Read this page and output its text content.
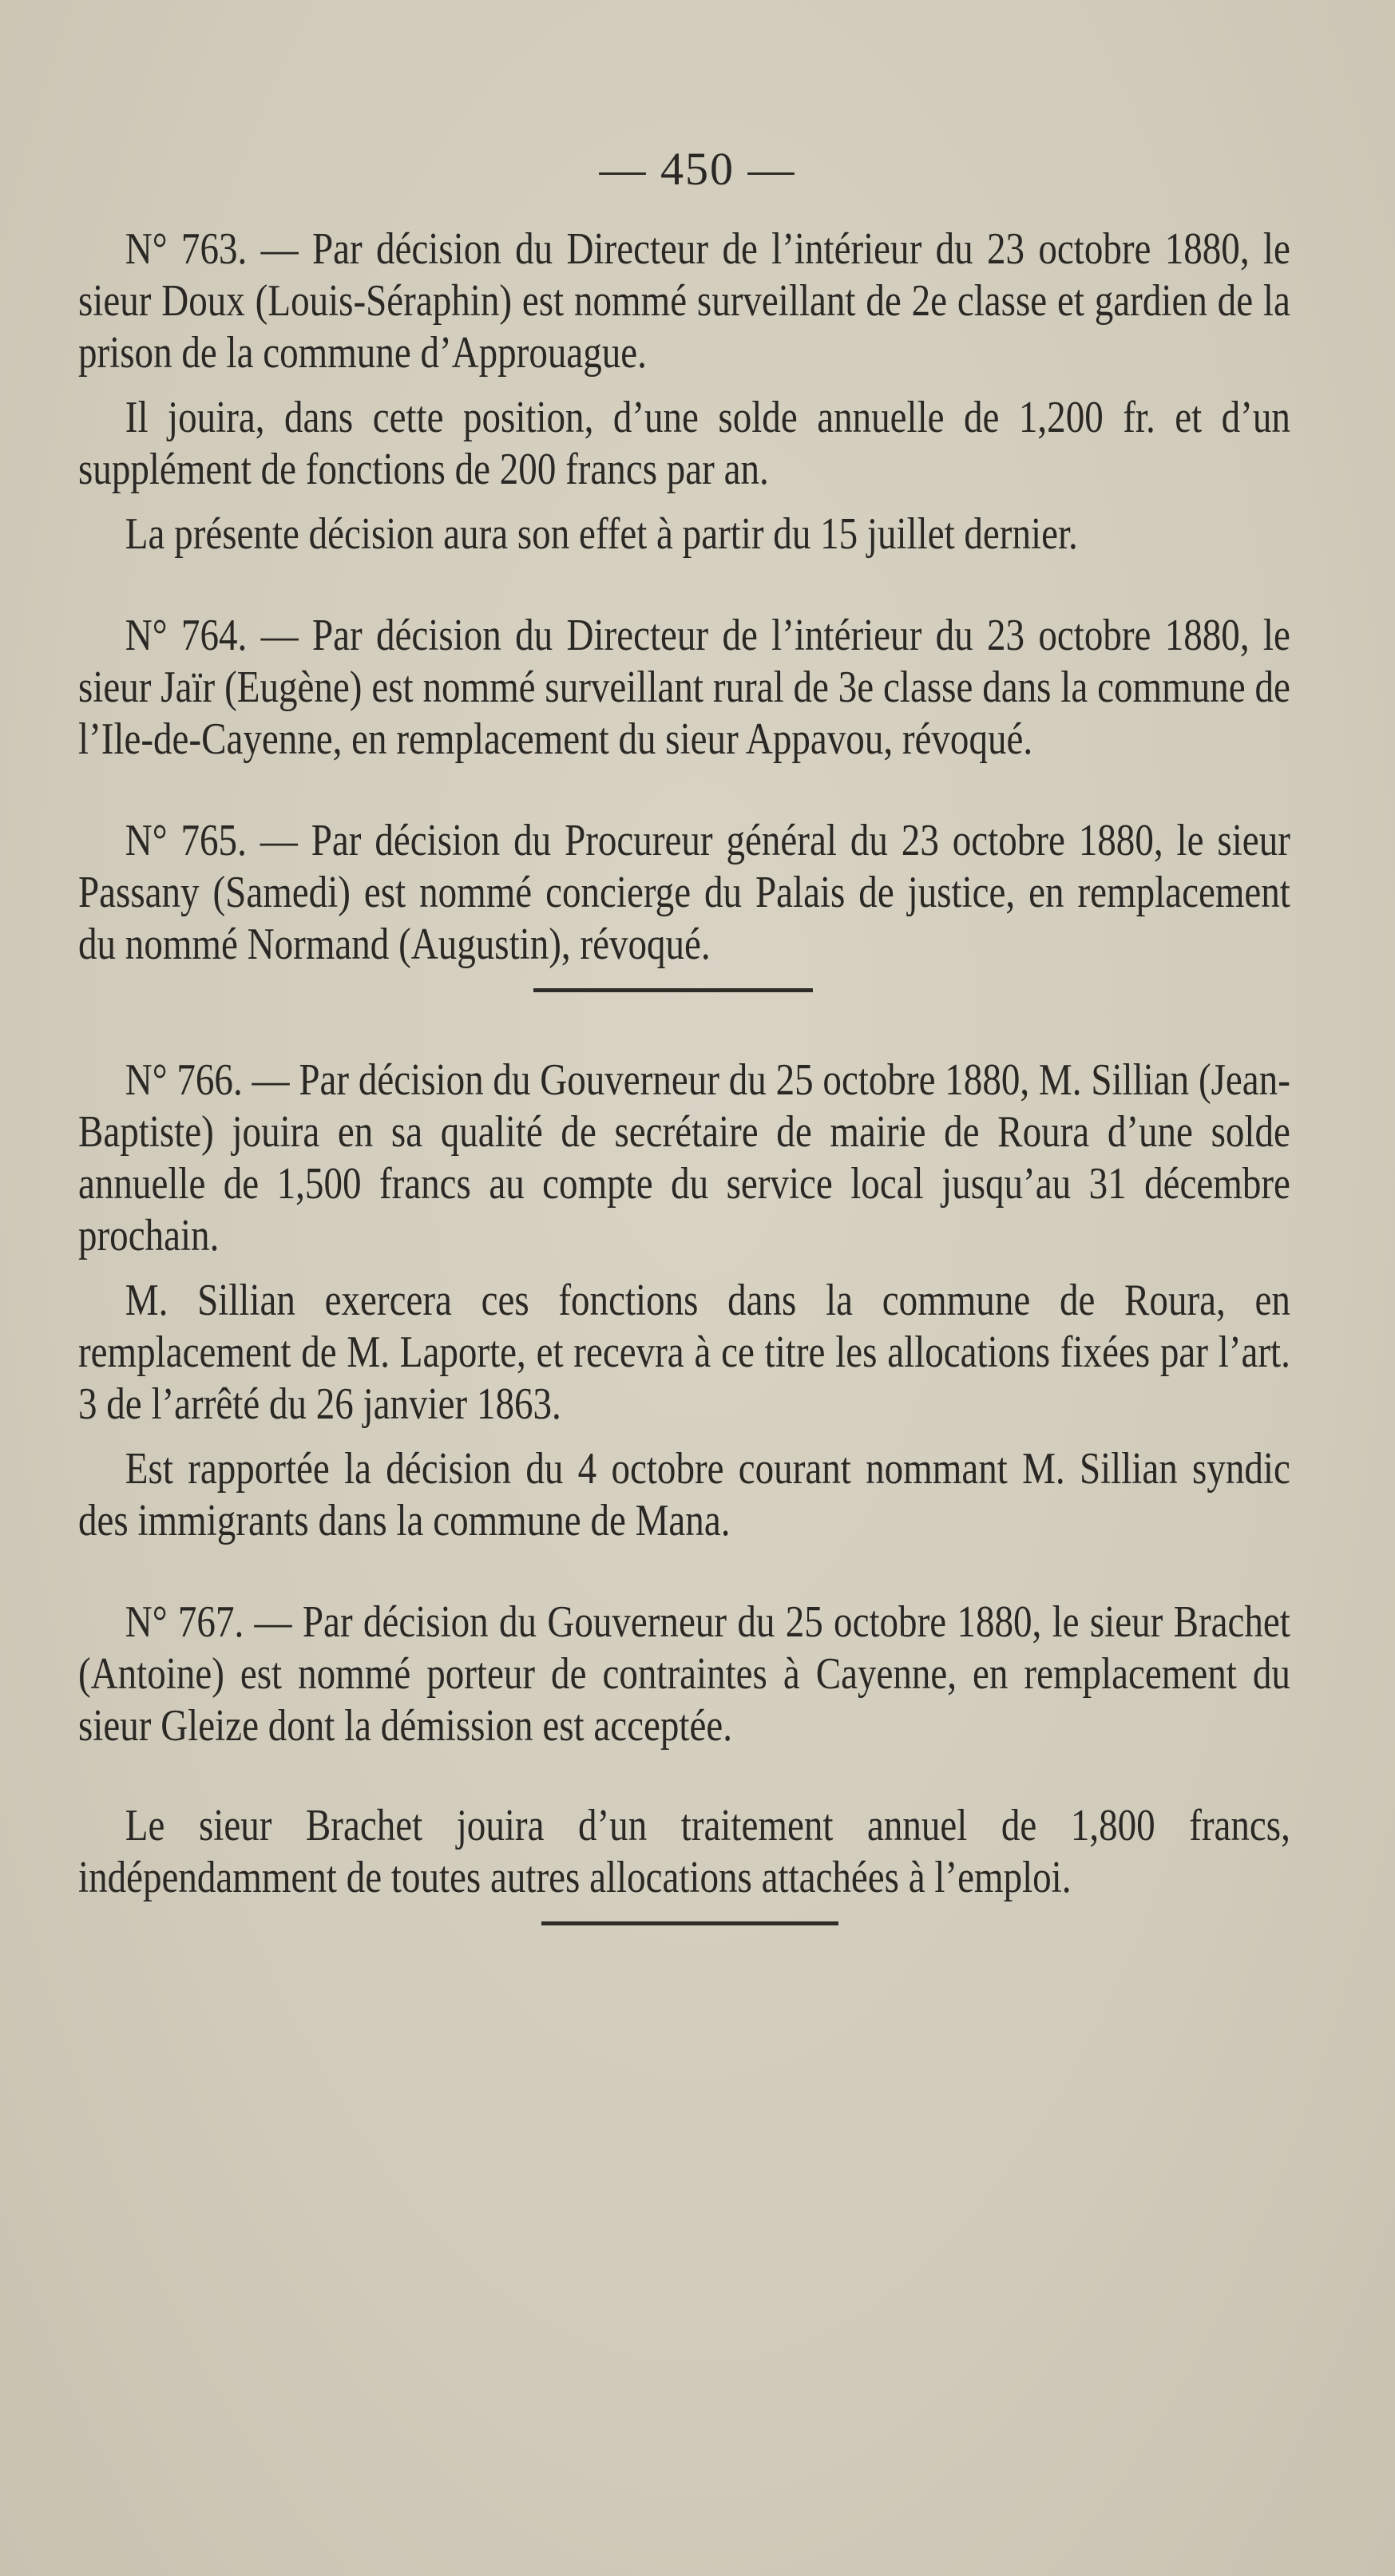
— 450 —

N° 763. — Par décision du Directeur de l’intérieur du 23 octobre 1880, le sieur Doux (Louis-Séraphin) est nommé surveillant de 2e classe et gardien de la prison de la commune d’Approuague.

Il jouira, dans cette position, d’une solde annuelle de 1,200 fr. et d’un supplément de fonctions de 200 francs par an.

La présente décision aura son effet à partir du 15 juillet dernier.

N° 764. — Par décision du Directeur de l’intérieur du 23 octobre 1880, le sieur Jaïr (Eugène) est nommé surveillant rural de 3e classe dans la commune de l’Ile-de-Cayenne, en remplacement du sieur Appavou, révoqué.

N° 765. — Par décision du Procureur général du 23 octobre 1880, le sieur Passany (Samedi) est nommé concierge du Palais de justice, en remplacement du nommé Normand (Augustin), révoqué.

N° 766. — Par décision du Gouverneur du 25 octobre 1880, M. Sillian (Jean-Baptiste) jouira en sa qualité de secrétaire de mairie de Roura d’une solde annuelle de 1,500 francs au compte du service local jusqu’au 31 décembre prochain.

M. Sillian exercera ces fonctions dans la commune de Roura, en remplacement de M. Laporte, et recevra à ce titre les allocations fixées par l’art. 3 de l’arrêté du 26 janvier 1863.

Est rapportée la décision du 4 octobre courant nommant M. Sillian syndic des immigrants dans la commune de Mana.

N° 767. — Par décision du Gouverneur du 25 octobre 1880, le sieur Brachet (Antoine) est nommé porteur de contraintes à Cayenne, en remplacement du sieur Gleize dont la démission est acceptée.

Le sieur Brachet jouira d’un traitement annuel de 1,800 francs, indépendamment de toutes autres allocations attachées à l’emploi.
